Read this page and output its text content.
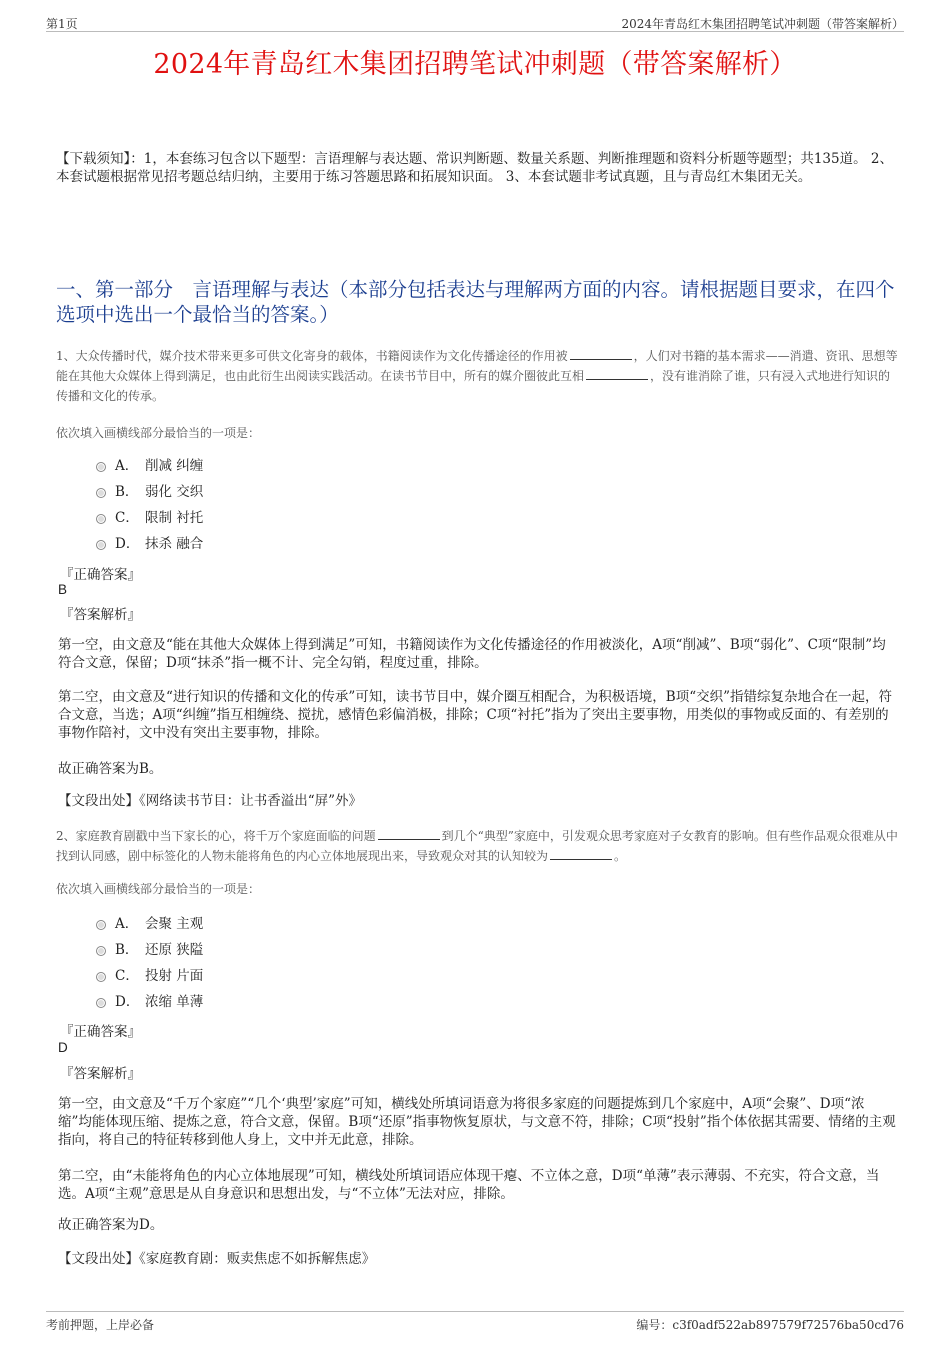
第1页	2024年青岛红木集团招聘笔试冲刺题（带答案解析）
2024年青岛红木集团招聘笔试冲刺题（带答案解析）
【下载须知】：1，本套练习包含以下题型：言语理解与表达题、常识判断题、数量关系题、判断推理题和资料分析题等题型；共135道。 2、本套试题根据常见招考题总结归纳，主要用于练习答题思路和拓展知识面。 3、本套试题非考试真题，且与青岛红木集团无关。
一、第一部分　言语理解与表达（本部分包括表达与理解两方面的内容。请根据题目要求，在四个选项中选出一个最恰当的答案。）
1、大众传播时代，媒介技术带来更多可供文化寄身的载体，书籍阅读作为文化传播途径的作用被	，人们对书籍的基本需求——消遣、资讯、思想等能在其他大众媒体上得到满足，也由此衍生出阅读实践活动。在读书节目中，所有的媒介圈彼此互相	，没有谁消除了谁，只有浸入式地进行知识的传播和文化的传承。
依次填入画横线部分最恰当的一项是：
A． 削减 纠缠
B． 弱化 交织
C． 限制 衬托
D． 抹杀 融合
『正确答案』
B
『答案解析』
第一空，由文意及“能在其他大众媒体上得到满足”可知，书籍阅读作为文化传播途径的作用被淡化，A项“削减”、B项“弱化”、C项“限制”均符合文意，保留；D项“抹杀”指一概不计、完全勾销，程度过重，排除。
第二空，由文意及“进行知识的传播和文化的传承”可知，读书节目中，媒介圈互相配合，为积极语境，B项“交织”指错综复杂地合在一起，符合文意，当选；A项“纠缠”指互相缠绕、搅扰，感情色彩偏消极，排除；C项“衬托”指为了突出主要事物，用类似的事物或反面的、有差别的事物作陪衬，文中没有突出主要事物，排除。
故正确答案为B。
【文段出处】《网络读书节目：让书香溢出“屏”外》
2、家庭教育剧戳中当下家长的心，将千万个家庭面临的问题	到几个“典型”家庭中，引发观众思考家庭对子女教育的影响。但有些作品观众很难从中找到认同感，剧中标签化的人物未能将角色的内心立体地展现出来，导致观众对其的认知较为	。
依次填入画横线部分最恰当的一项是：
A． 会聚 主观
B． 还原 狭隘
C． 投射 片面
D． 浓缩 单薄
『正确答案』
D
『答案解析』
第一空，由文意及“千万个家庭”“几个‘典型’家庭”可知，横线处所填词语意为将很多家庭的问题提炼到几个家庭中，A项“会聚”、D项“浓缩”均能体现压缩、提炼之意，符合文意，保留。B项“还原”指事物恢复原状，与文意不符，排除；C项“投射”指个体依据其需要、情绪的主观指向，将自己的特征转移到他人身上，文中并无此意，排除。
第二空，由“未能将角色的内心立体地展现”可知，横线处所填词语应体现干瘪、不立体之意，D项“单薄”表示薄弱、不充实，符合文意，当选。A项“主观”意思是从自身意识和思想出发，与“不立体”无法对应，排除。
故正确答案为D。
【文段出处】《家庭教育剧：贩卖焦虑不如拆解焦虑》
考前押题，上岸必备	编号：c3f0adf522ab897579f72576ba50cd76
